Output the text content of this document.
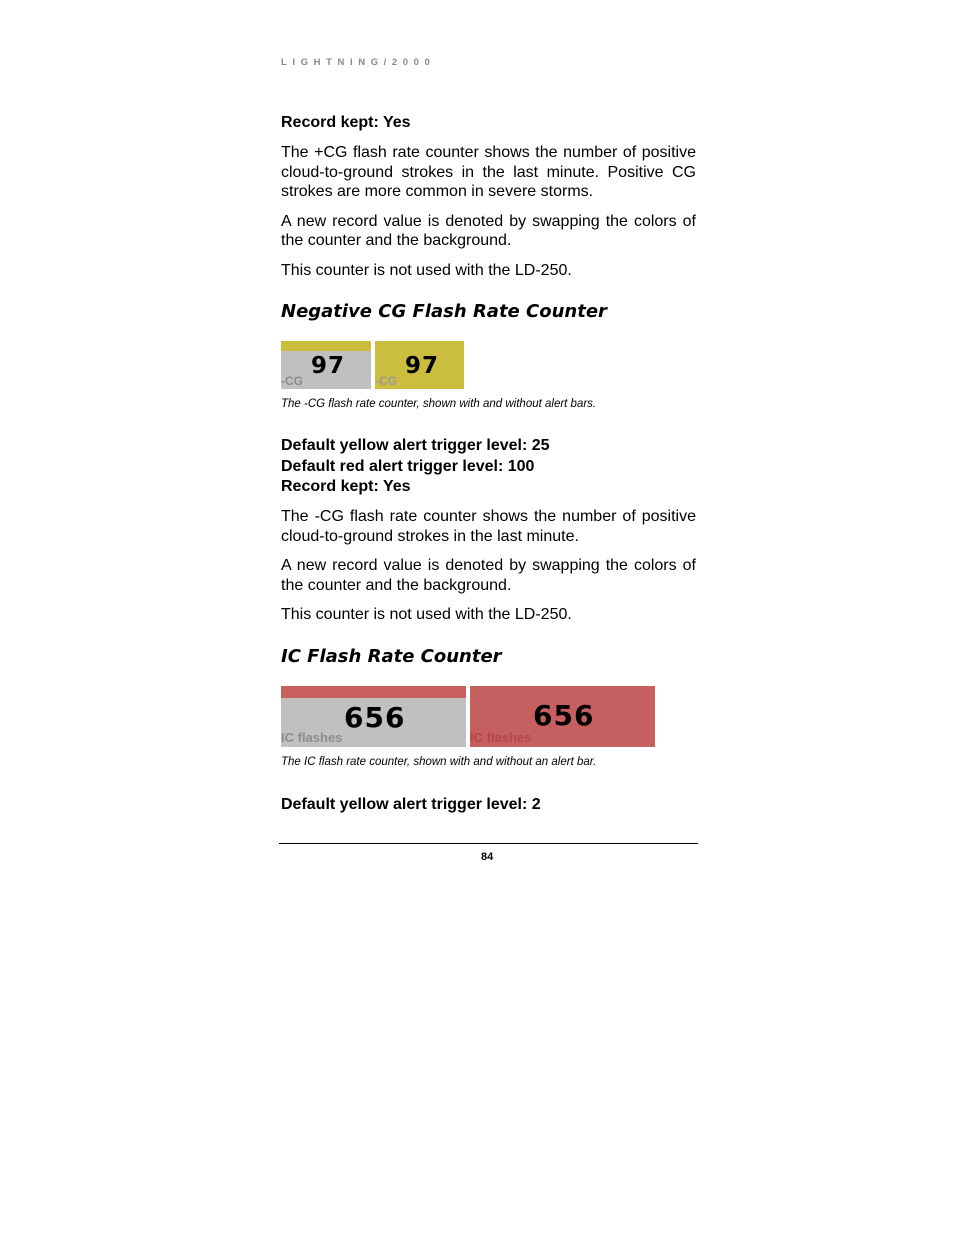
LIGHTNING/2000

Record kept: Yes

The +CG flash rate counter shows the number of positive cloud-to-ground strokes in the last minute. Positive CG strokes are more common in severe storms.

A new record value is denoted by swapping the colors of the counter and the background.

This counter is not used with the LD-250.

Negative CG Flash Rate Counter
97
-CG
97
-CG

The -CG flash rate counter, shown with and without alert bars.

Default yellow alert trigger level: 25

Default red alert trigger level: 100

Record kept: Yes

The -CG flash rate counter shows the number of positive cloud-to-ground strokes in the last minute.

A new record value is denoted by swapping the colors of the counter and the background.

This counter is not used with the LD-250.

IC Flash Rate Counter
656
IC flashes
656
IC flashes

The IC flash rate counter, shown with and without an alert bar.

Default yellow alert trigger level: 2

84
